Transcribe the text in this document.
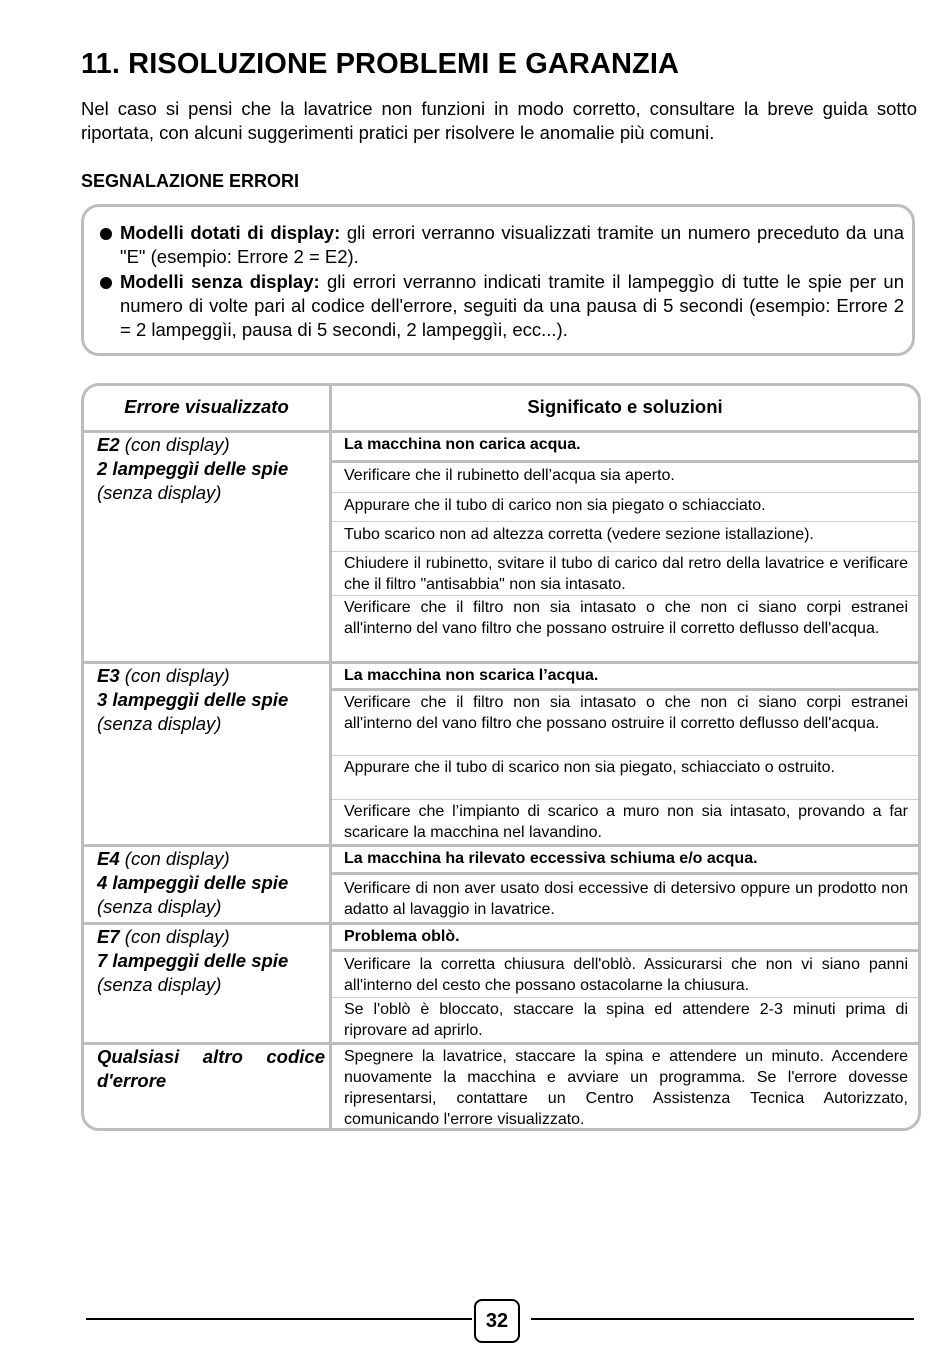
11. RISOLUZIONE PROBLEMI E GARANZIA

Nel caso si pensi che la lavatrice non funzioni in modo corretto, consultare la breve guida sotto riportata, con alcuni suggerimenti pratici per risolvere le anomalie più comuni.

SEGNALAZIONE ERRORI
Modelli dotati di display: gli errori verranno visualizzati tramite un numero preceduto da una "E" (esempio: Errore 2 = E2).
Modelli senza display: gli errori verranno indicati tramite il lampeggìo di tutte le spie per un numero di volte pari al codice dell'errore, seguiti da una pausa di 5 secondi (esempio: Errore 2 = 2 lampeggìi, pausa di 5 secondi, 2 lampeggìi, ecc...).
Errore visualizzato	Significato e soluzioni
E2 (con display)
2 lampeggìi delle spie
(senza display)
La macchina non carica acqua.
Verificare che il rubinetto dell’acqua sia aperto.
Appurare che il tubo di carico non sia piegato o schiacciato.
Tubo scarico non ad altezza corretta (vedere sezione istallazione).
Chiudere il rubinetto, svitare il tubo di carico dal retro della lavatrice e verificare che il filtro "antisabbia" non sia intasato.
Verificare che il filtro non sia intasato o che non ci siano corpi estranei all'interno del vano filtro che possano ostruire il corretto deflusso dell'acqua.
E3 (con display)
3 lampeggìi delle spie
(senza display)
La macchina non scarica l’acqua.
Verificare che il filtro non sia intasato o che non ci siano corpi estranei all'interno del vano filtro che possano ostruire il corretto deflusso dell'acqua.
Appurare che il tubo di scarico non sia piegato, schiacciato o ostruito.
Verificare che l’impianto di scarico a muro non sia intasato, provando a far scaricare la macchina nel lavandino.
E4 (con display)
4 lampeggìi delle spie
(senza display)
La macchina ha rilevato eccessiva schiuma e/o acqua.
Verificare di non aver usato dosi eccessive di detersivo oppure un prodotto non adatto al lavaggio in lavatrice.
E7 (con display)
7 lampeggìi delle spie
(senza display)
Problema oblò.
Verificare la corretta chiusura dell'oblò. Assicurarsi che non vi siano panni all'interno del cesto che possano ostacolarne la chiusura.
Se l'oblò è bloccato, staccare la spina ed attendere 2-3 minuti prima di riprovare ad aprirlo.
Qualsiasi altro codice d'errore
Spegnere la lavatrice, staccare la spina e attendere un minuto. Accendere nuovamente la macchina e avviare un programma. Se l'errore dovesse ripresentarsi, contattare un Centro Assistenza Tecnica Autorizzato, comunicando l'errore visualizzato.
32
